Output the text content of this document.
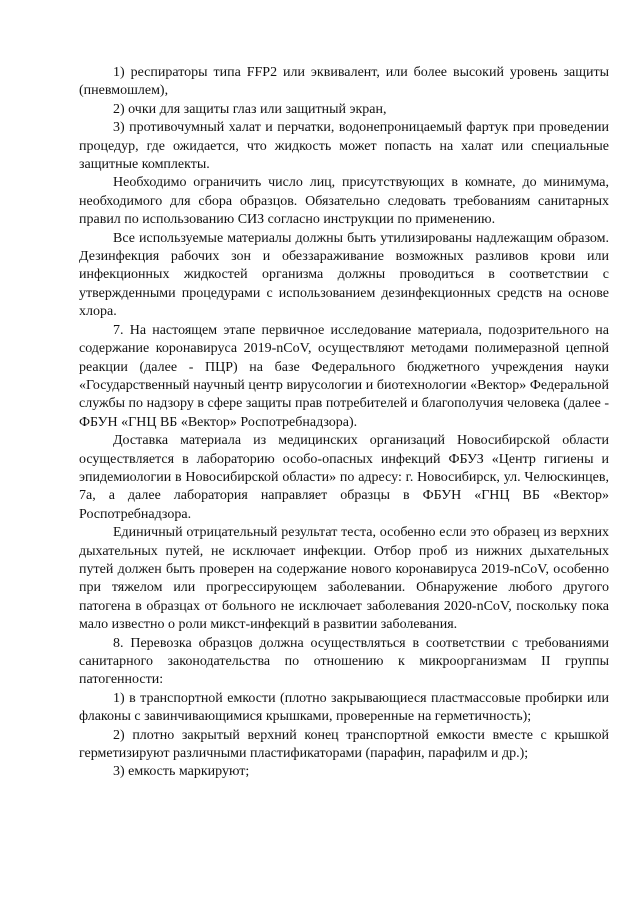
1) респираторы типа FFP2 или эквивалент, или более высокий уровень защиты (пневмошлем),

2) очки для защиты глаз или защитный экран,

3) противочумный халат и перчатки, водонепроницаемый фартук при проведении процедур, где ожидается, что жидкость может попасть на халат или специальные защитные комплекты.

Необходимо ограничить число лиц, присутствующих в комнате, до минимума, необходимого для сбора образцов. Обязательно следовать требованиям санитарных правил по использованию СИЗ согласно инструкции по применению.

Все используемые материалы должны быть утилизированы надлежащим образом. Дезинфекция рабочих зон и обеззараживание возможных разливов крови или инфекционных жидкостей организма должны проводиться в соответствии с утвержденными процедурами с использованием дезинфекционных средств на основе хлора.

7. На настоящем этапе первичное исследование материала, подозрительного на содержание коронавируса 2019-nCoV, осуществляют методами полимеразной цепной реакции (далее - ПЦР) на базе Федерального бюджетного учреждения науки «Государственный научный центр вирусологии и биотехнологии «Вектор» Федеральной службы по надзору в сфере защиты прав потребителей и благополучия человека (далее - ФБУН «ГНЦ ВБ «Вектор» Роспотребнадзора).

Доставка материала из медицинских организаций Новосибирской области осуществляется в лабораторию особо-опасных инфекций ФБУЗ «Центр гигиены и эпидемиологии в Новосибирской области» по адресу: г. Новосибирск, ул. Челюскинцев, 7а, а далее лаборатория направляет образцы в ФБУН «ГНЦ ВБ «Вектор» Роспотребнадзора.

Единичный отрицательный результат теста, особенно если это образец из верхних дыхательных путей, не исключает инфекции. Отбор проб из нижних дыхательных путей должен быть проверен на содержание нового коронавируса 2019-nCoV, особенно при тяжелом или прогрессирующем заболевании. Обнаружение любого другого патогена в образцах от больного не исключает заболевания 2020-nCoV, поскольку пока мало известно о роли микст-инфекций в развитии заболевания.

8. Перевозка образцов должна осуществляться в соответствии с требованиями санитарного законодательства по отношению к микроорганизмам II группы патогенности:

1) в транспортной емкости (плотно закрывающиеся пластмассовые пробирки или флаконы с завинчивающимися крышками, проверенные на герметичность);

2) плотно закрытый верхний конец транспортной емкости вместе с крышкой герметизируют различными пластификаторами (парафин, парафилм и др.);

3) емкость маркируют;
